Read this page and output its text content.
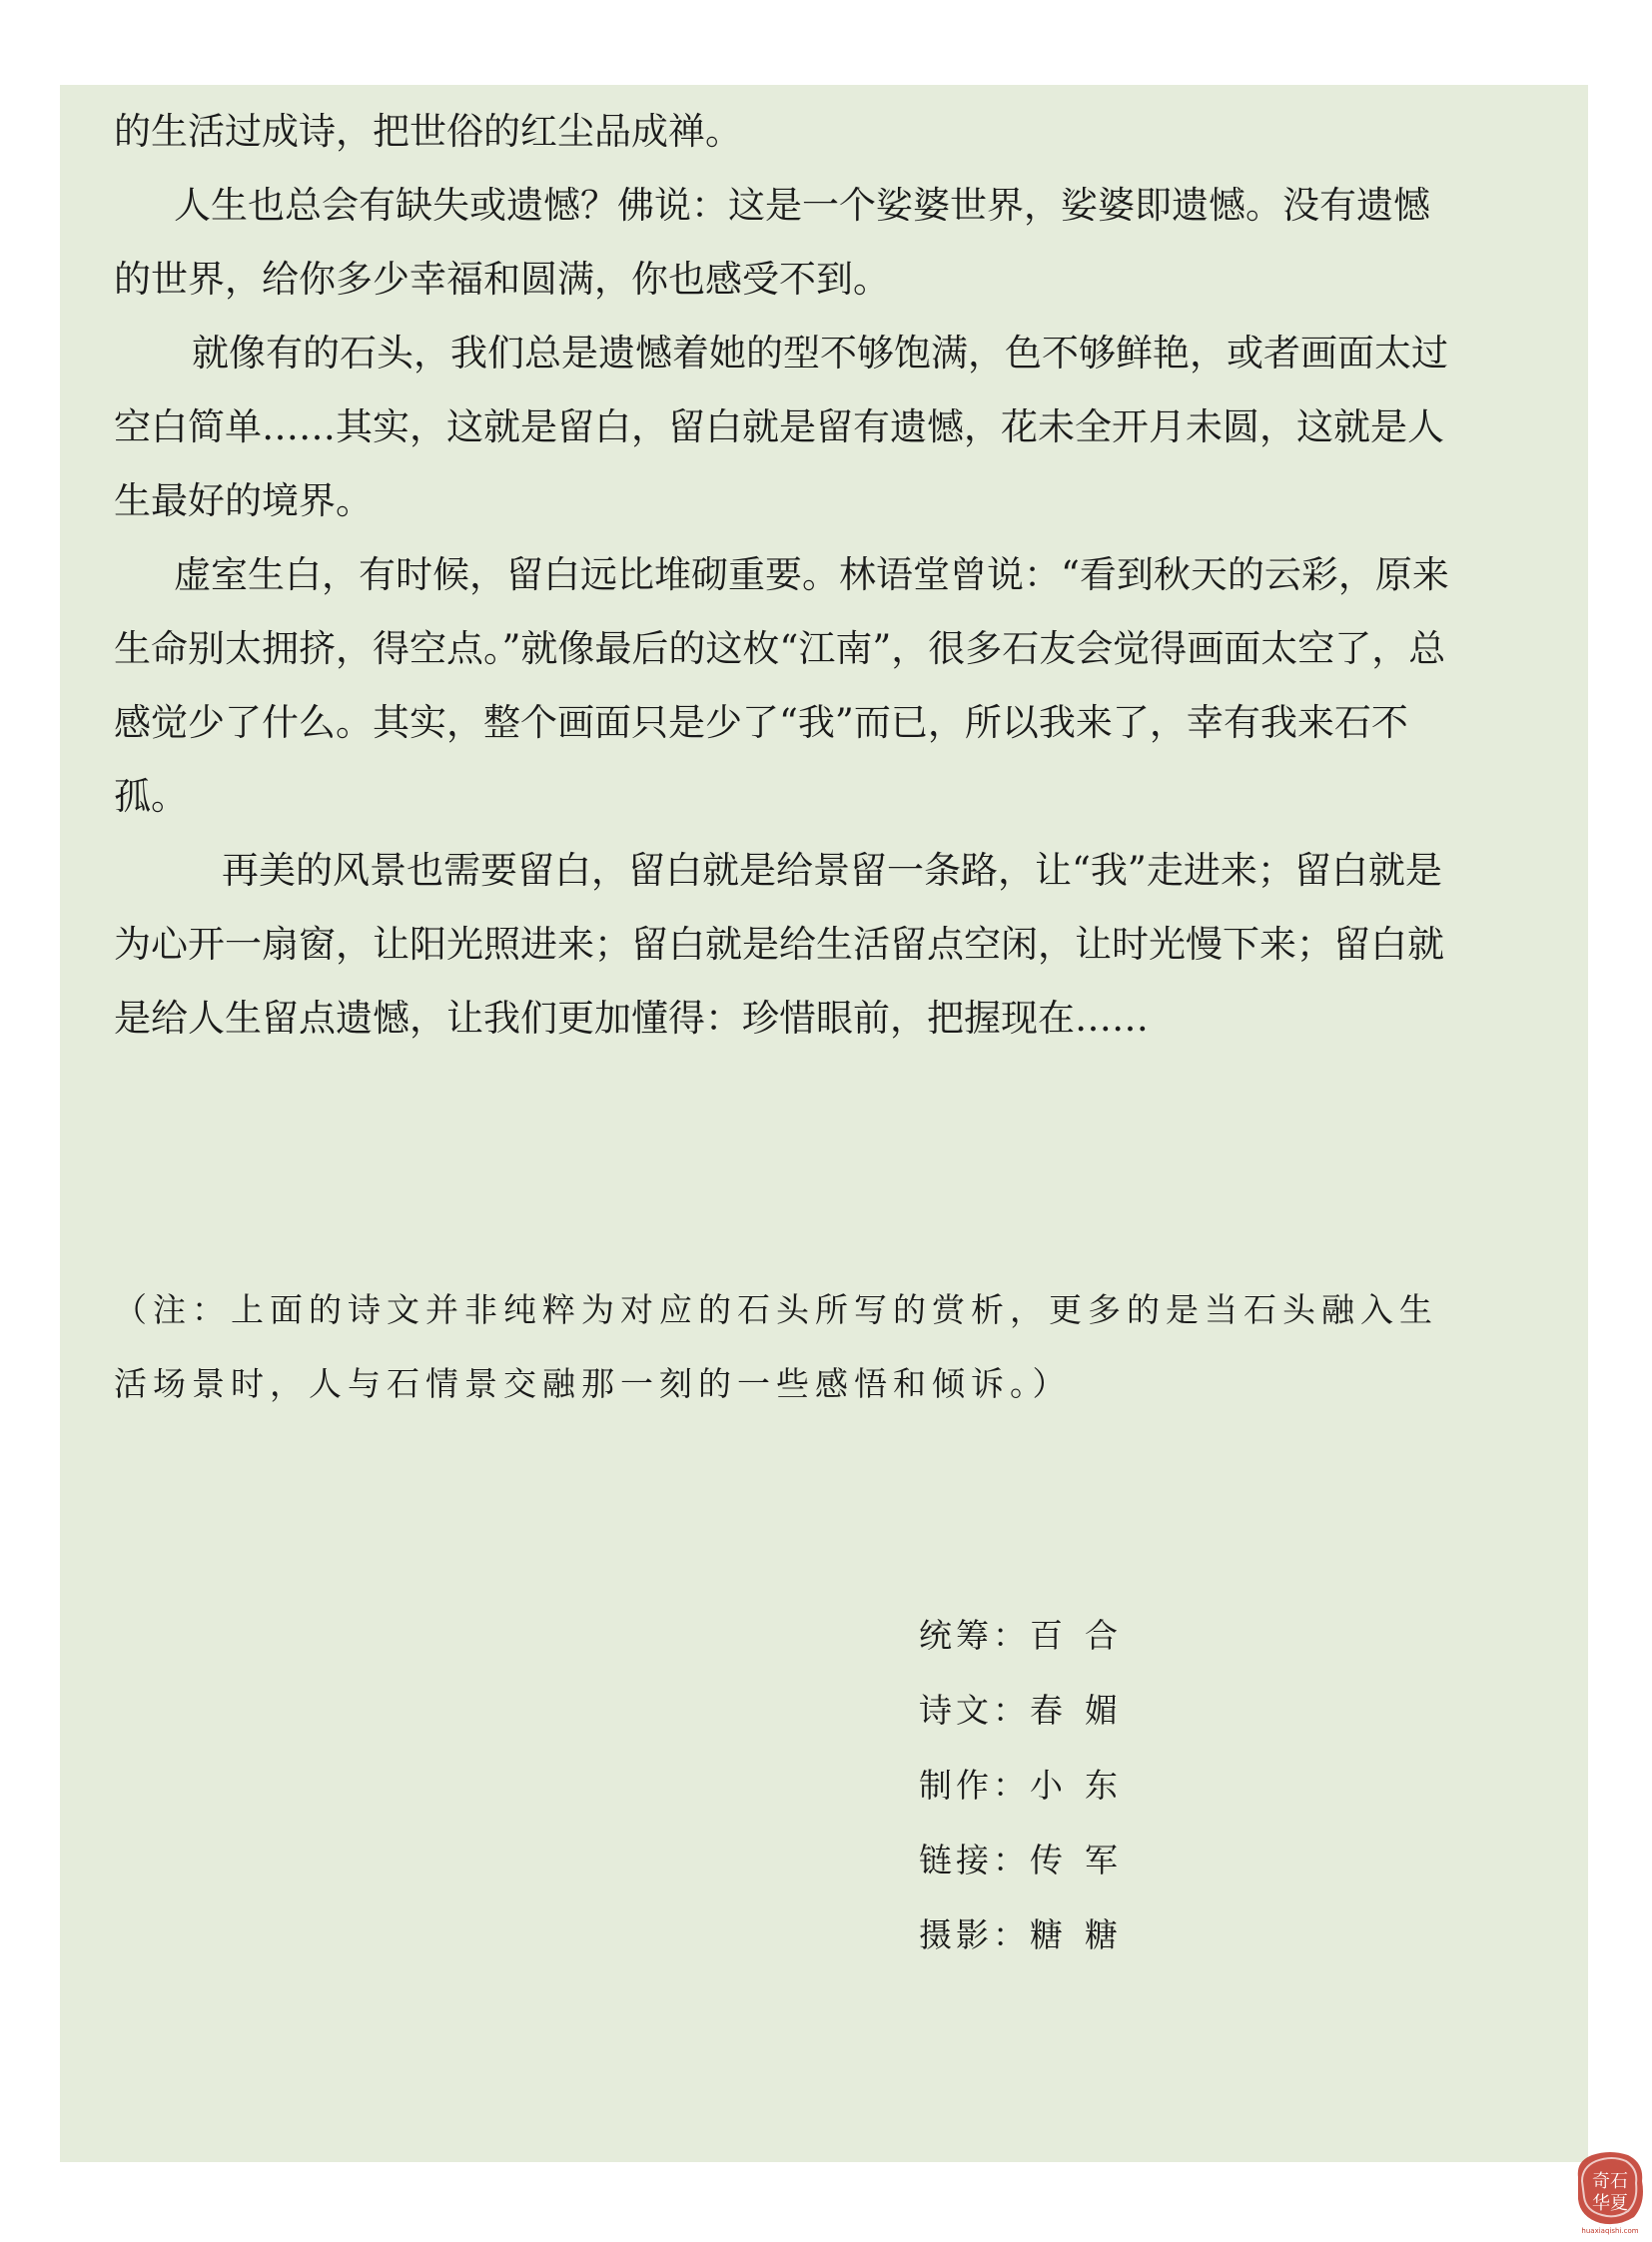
的生活过成诗，把世俗的红尘品成禅。

人生也总会有缺失或遗憾？佛说：这是一个娑婆世界，娑婆即遗憾。没有遗憾的世界，给你多少幸福和圆满，你也感受不到。

就像有的石头，我们总是遗憾着她的型不够饱满，色不够鲜艳，或者画面太过空白简单……其实，这就是留白，留白就是留有遗憾，花未全开月未圆，这就是人生最好的境界。

虚室生白，有时候，留白远比堆砌重要。林语堂曾说：“看到秋天的云彩，原来生命别太拥挤，得空点。”就像最后的这枚“江南”，很多石友会觉得画面太空了，总感觉少了什么。其实，整个画面只是少了“我”而已，所以我来了，幸有我来石不孤。

再美的风景也需要留白，留白就是给景留一条路，让“我”走进来；留白就是为心开一扇窗，让阳光照进来；留白就是给生活留点空闲，让时光慢下来；留白就是给人生留点遗憾，让我们更加懂得：珍惜眼前，把握现在……

（注：上面的诗文并非纯粹为对应的石头所写的赏析，更多的是当石头融入生活场景时，人与石情景交融那一刻的一些感悟和倾诉。）
统筹：百合
诗文：春媚
制作：小东
链接：传军
摄影：糖糖
奇石
华夏
huaxiaqishi.com
